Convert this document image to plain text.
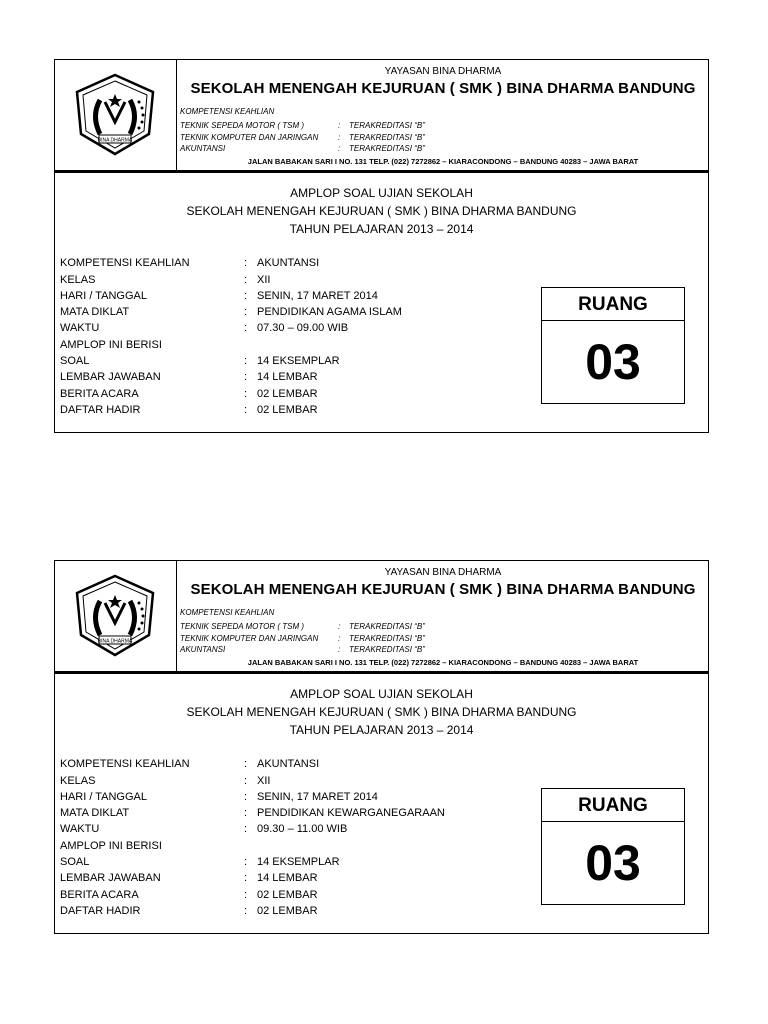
BINA DHARMA
YAYASAN BINA DHARMA
SEKOLAH MENENGAH KEJURUAN ( SMK ) BINA DHARMA BANDUNG
KOMPETENSI KEAHLIAN
TEKNIK SEPEDA MOTOR ( TSM )	: TERAKREDITASI “B”
TEKNIK KOMPUTER DAN JARINGAN : TERAKREDITASI “B”
AKUNTANSI	: TERAKREDITASI “B”
JALAN BABAKAN SARI I NO. 131 TELP. (022) 7272862 – KIARACONDONG – BANDUNG 40283 – JAWA BARAT
AMPLOP SOAL UJIAN SEKOLAH
SEKOLAH MENENGAH KEJURUAN ( SMK ) BINA DHARMA BANDUNG
TAHUN PELAJARAN 2013 – 2014
KOMPETENSI KEAHLIAN	: AKUNTANSI
KELAS	: XII
HARI / TANGGAL	: SENIN, 17 MARET 2014
MATA DIKLAT	: PENDIDIKAN AGAMA ISLAM
WAKTU	: 07.30 – 09.00 WIB
AMPLOP INI BERISI
SOAL	: 14 EKSEMPLAR
LEMBAR JAWABAN	: 14 LEMBAR
BERITA ACARA	: 02 LEMBAR
DAFTAR HADIR	: 02 LEMBAR
RUANG
03
BINA DHARMA
YAYASAN BINA DHARMA
SEKOLAH MENENGAH KEJURUAN ( SMK ) BINA DHARMA BANDUNG
KOMPETENSI KEAHLIAN
TEKNIK SEPEDA MOTOR ( TSM )	: TERAKREDITASI “B”
TEKNIK KOMPUTER DAN JARINGAN : TERAKREDITASI “B”
AKUNTANSI	: TERAKREDITASI “B”
JALAN BABAKAN SARI I NO. 131 TELP. (022) 7272862 – KIARACONDONG – BANDUNG 40283 – JAWA BARAT
AMPLOP SOAL UJIAN SEKOLAH
SEKOLAH MENENGAH KEJURUAN ( SMK ) BINA DHARMA BANDUNG
TAHUN PELAJARAN 2013 – 2014
KOMPETENSI KEAHLIAN	: AKUNTANSI
KELAS	: XII
HARI / TANGGAL	: SENIN, 17 MARET 2014
MATA DIKLAT	: PENDIDIKAN KEWARGANEGARAAN
WAKTU	: 09.30 – 11.00 WIB
AMPLOP INI BERISI
SOAL	: 14 EKSEMPLAR
LEMBAR JAWABAN	: 14 LEMBAR
BERITA ACARA	: 02 LEMBAR
DAFTAR HADIR	: 02 LEMBAR
RUANG
03
